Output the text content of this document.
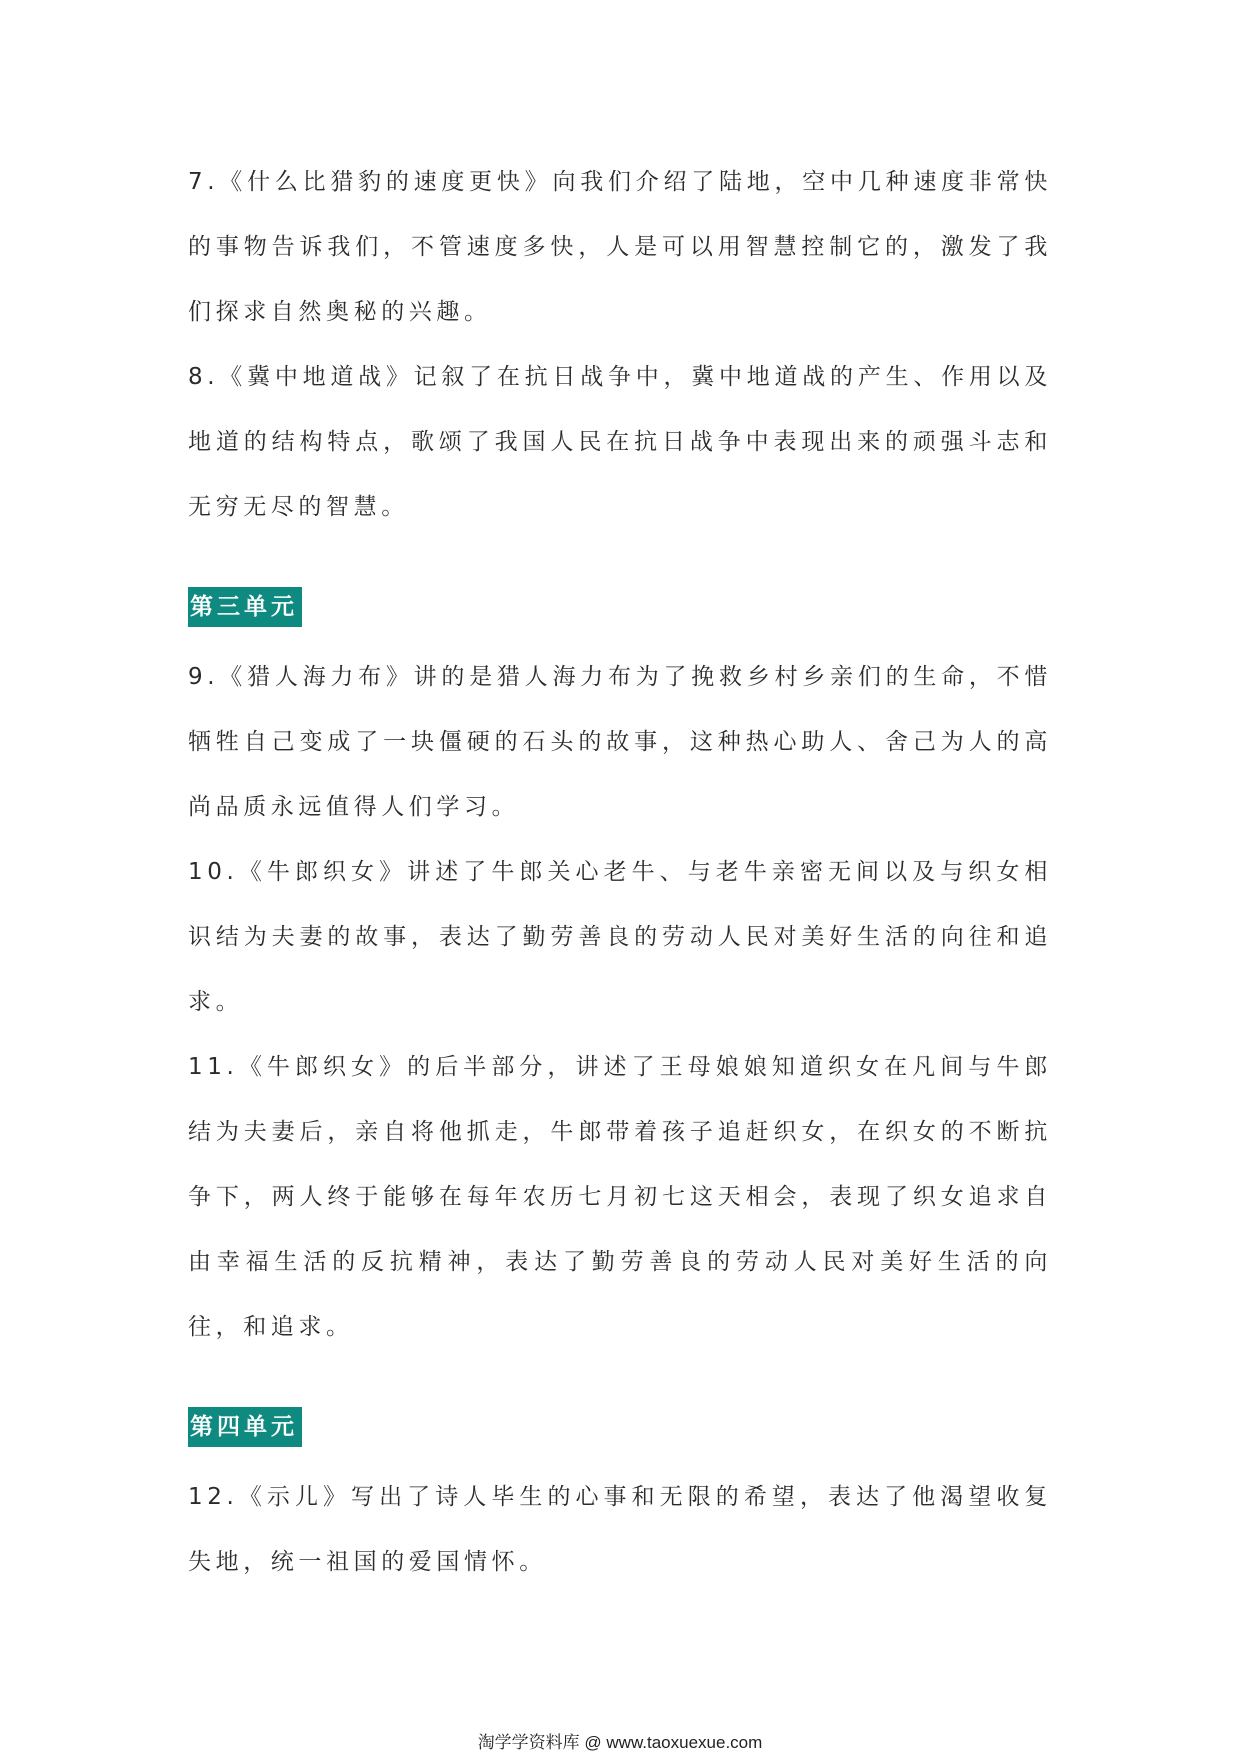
7.《什么比猎豹的速度更快》向我们介绍了陆地，空中几种速度非常快的事物告诉我们，不管速度多快，人是可以用智慧控制它的，激发了我们探求自然奥秘的兴趣。

8.《冀中地道战》记叙了在抗日战争中，冀中地道战的产生、作用以及地道的结构特点，歌颂了我国人民在抗日战争中表现出来的顽强斗志和无穷无尽的智慧。

第三单元

9.《猎人海力布》讲的是猎人海力布为了挽救乡村乡亲们的生命，不惜牺牲自己变成了一块僵硬的石头的故事，这种热心助人、舍己为人的高尚品质永远值得人们学习。

10.《牛郎织女》讲述了牛郎关心老牛、与老牛亲密无间以及与织女相识结为夫妻的故事，表达了勤劳善良的劳动人民对美好生活的向往和追求。

11.《牛郎织女》的后半部分，讲述了王母娘娘知道织女在凡间与牛郎结为夫妻后，亲自将他抓走，牛郎带着孩子追赶织女，在织女的不断抗争下，两人终于能够在每年农历七月初七这天相会，表现了织女追求自由幸福生活的反抗精神，表达了勤劳善良的劳动人民对美好生活的向往，和追求。

第四单元

12.《示儿》写出了诗人毕生的心事和无限的希望，表达了他渴望收复失地，统一祖国的爱国情怀。

淘学学资料库 @ www.taoxuexue.com
